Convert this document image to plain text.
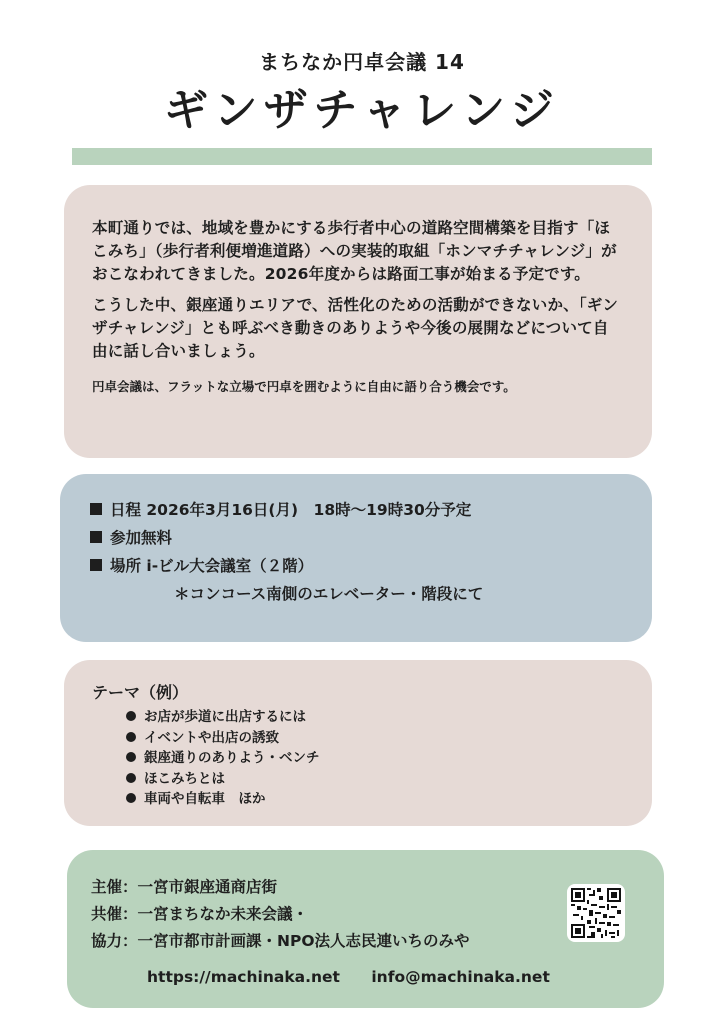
まちなか円卓会議 14
ギンザチャレンジ

本町通りでは、地域を豊かにする歩行者中心の道路空間構築を目指す「ほこみち」（歩行者利便増進道路）への実装的取組「ホンマチチャレンジ」がおこなわれてきました。2026年度からは路面工事が始まる予定です。

こうした中、銀座通りエリアで、活性化のための活動ができないか、「ギンザチャレンジ」とも呼ぶべき動きのありようや今後の展開などについて自由に話し合いましょう。

円卓会議は、フラットな立場で円卓を囲むように自由に語り合う機会です。
日程 2026年3月16日(月)　18時〜19時30分予定
参加無料
場所 i-ビル大会議室（２階）
＊コンコース南側のエレベーター・階段にて
テーマ（例）
お店が歩道に出店するには
イベントや出店の誘致
銀座通りのありよう・ベンチ
ほこみちとは
車両や自転車　ほか
主催：一宮市銀座通商店街
共催：一宮まちなか未来会議・
協力：一宮市都市計画課・NPO法人志民連いちのみや
https://machinaka.net info@machinaka.net
